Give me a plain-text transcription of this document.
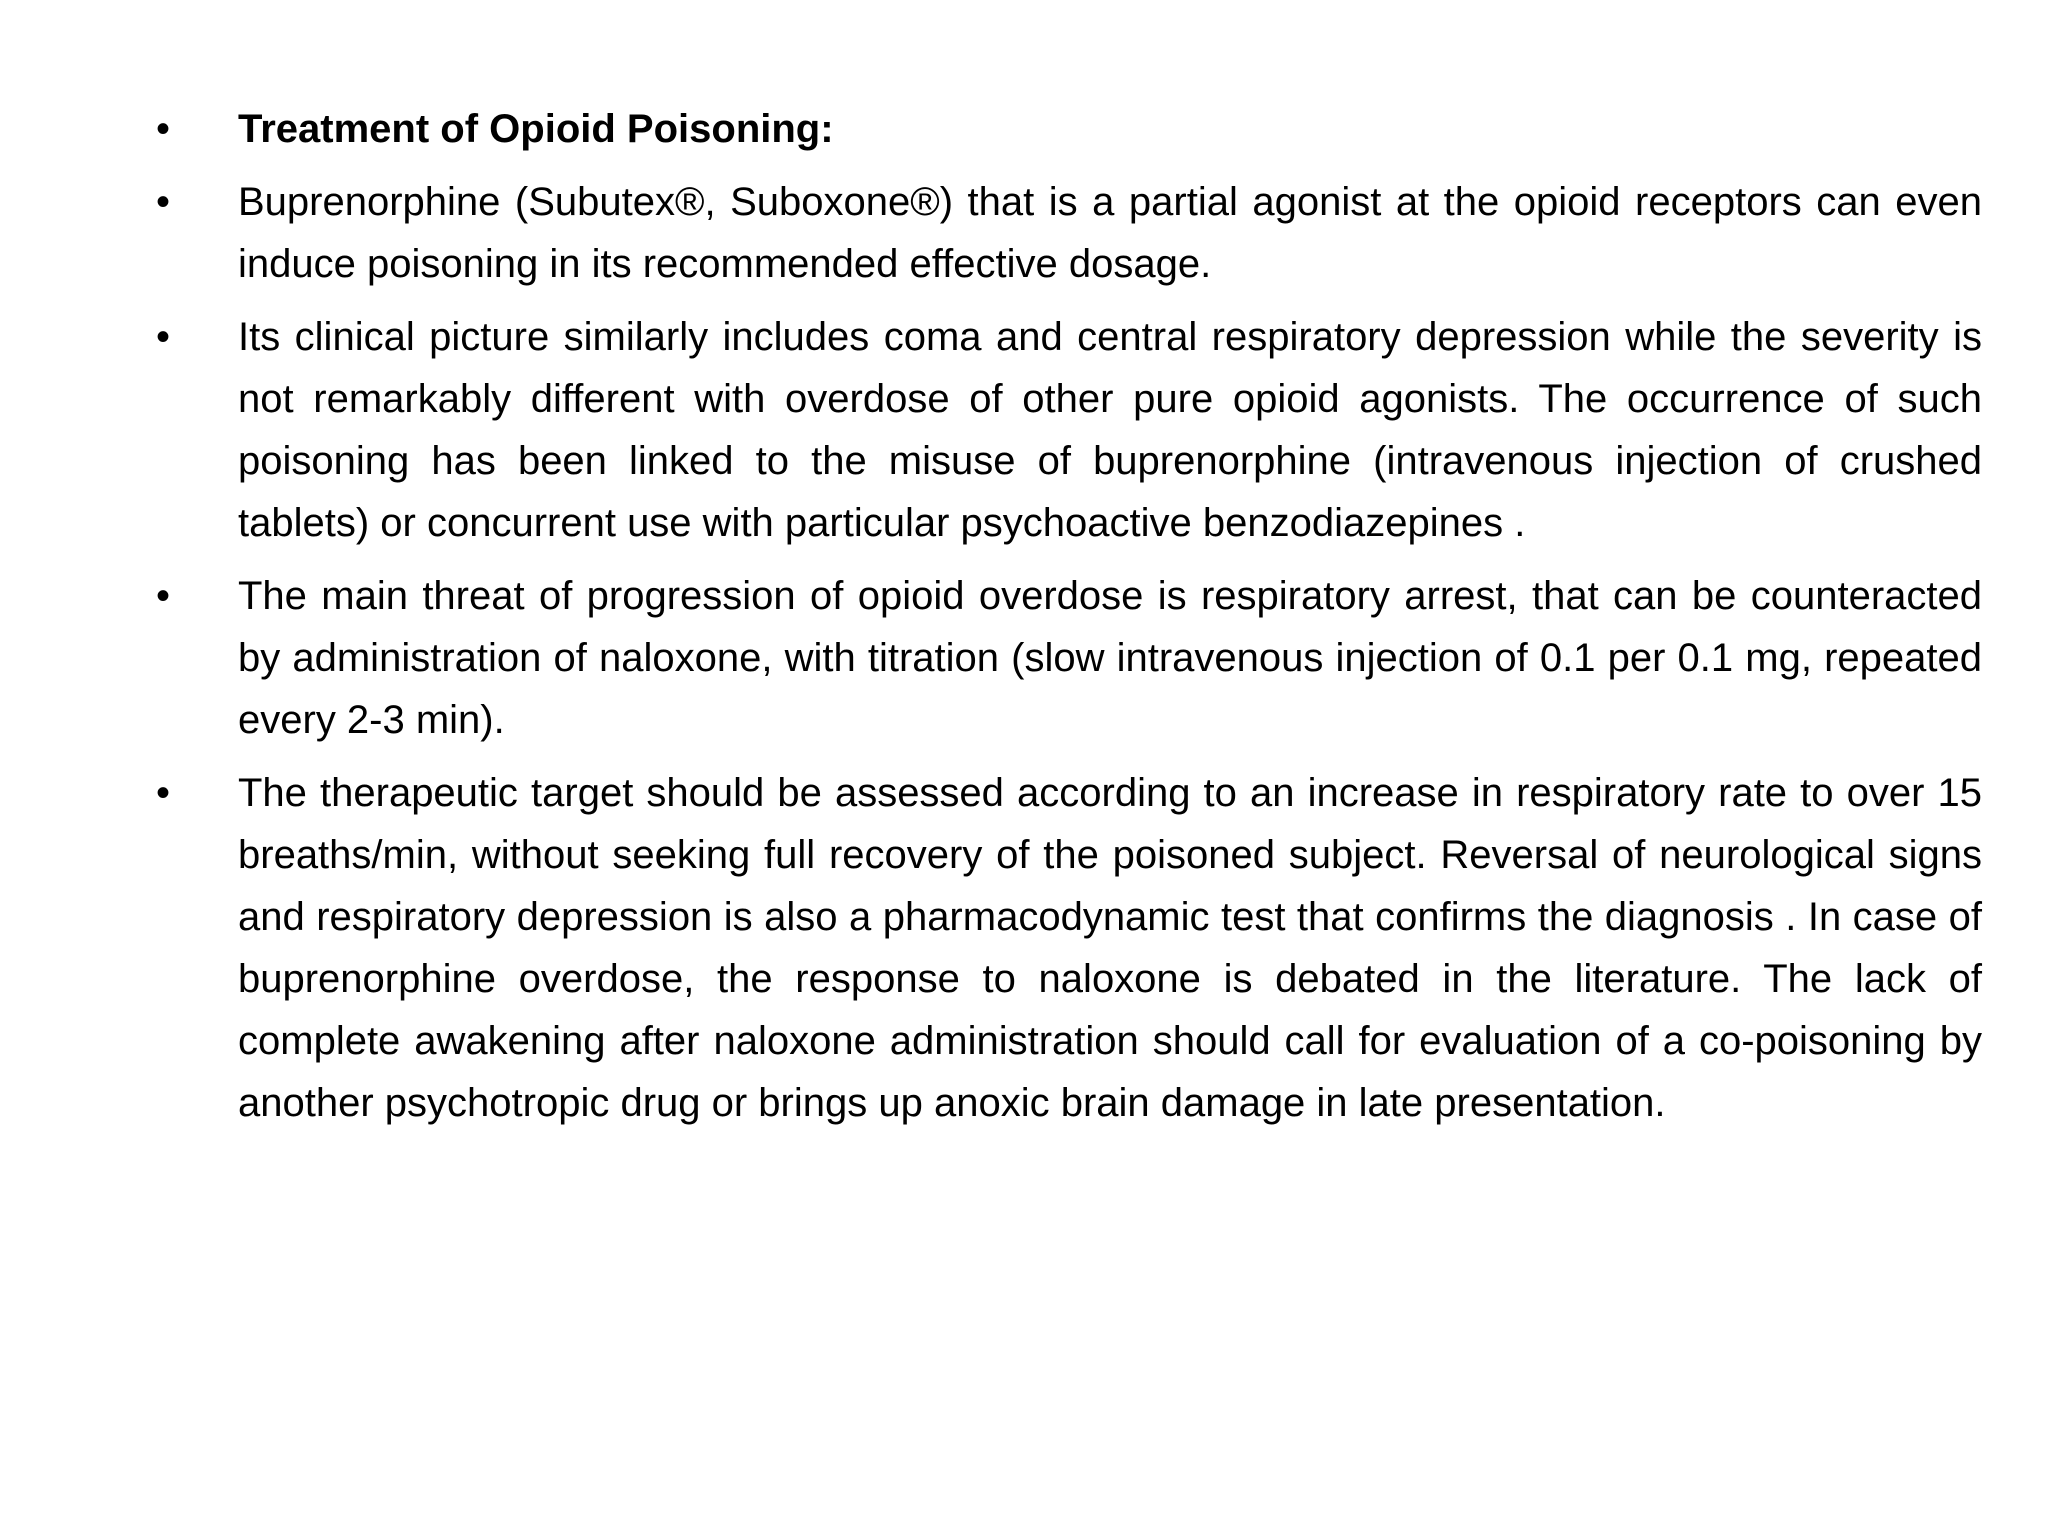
•	Treatment of Opioid Poisoning:
•	Buprenorphine (Subutex®, Suboxone®) that is a partial agonist at the opioid receptors can even induce poisoning in its recommended effective dosage.
•	Its clinical picture similarly includes coma and central respiratory depression while the severity is not remarkably different with overdose of other pure opioid agonists. The occurrence of such poisoning has been linked to the misuse of buprenorphine (intravenous injection of crushed tablets) or concurrent use with particular psychoactive benzodiazepines .
•	The main threat of progression of opioid overdose is respiratory arrest, that can be counteracted by administration of naloxone, with titration (slow intravenous injection of 0.1 per 0.1 mg, repeated every 2-3 min).
•	The therapeutic target should be assessed according to an increase in respiratory rate to over 15 breaths/min, without seeking full recovery of the poisoned subject. Reversal of neurological signs and respiratory depression is also a pharmacodynamic test that confirms the diagnosis . In case of buprenorphine overdose, the response to naloxone is debated in the literature. The lack of complete awakening after naloxone administration should call for evaluation of a co-poisoning by another psychotropic drug or brings up anoxic brain damage in late presentation.
